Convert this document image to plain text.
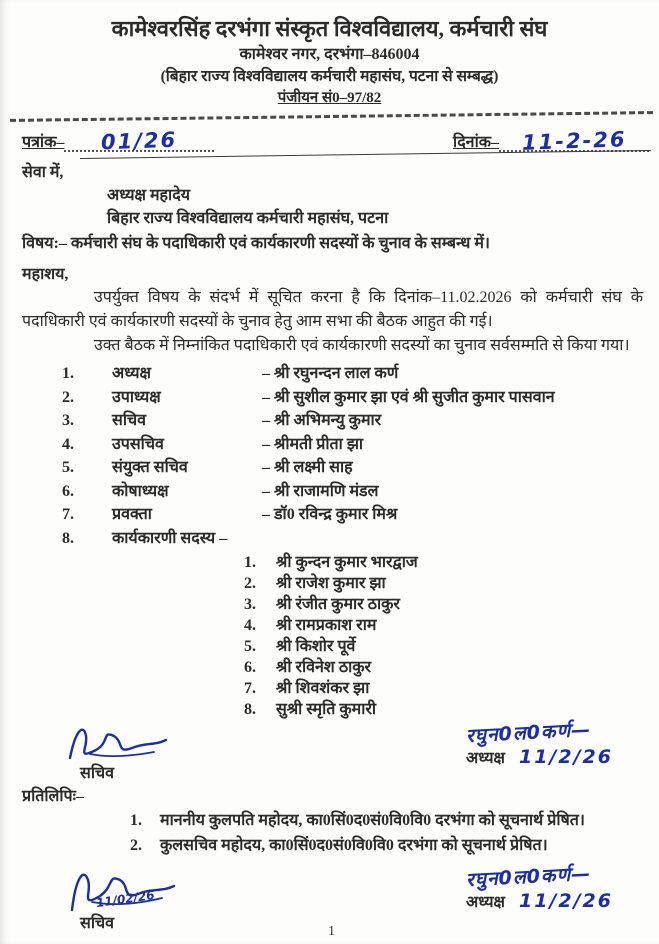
कामेश्वरसिंह दरभंगा संस्कृत विश्वविद्यालय, कर्मचारी संघ
कामेश्वर नगर, दरभंगा–846004
(बिहार राज्य विश्वविद्यालय कर्मचारी महासंघ, पटना से सम्बद्ध)
पंजीयन सं0–97/82
पत्रांक– 01/26	दिनांक– 11-2-26
सेवा में,
अध्यक्ष महादेय
बिहार राज्य विश्वविद्यालय कर्मचारी महासंघ, पटना
विषय:– कर्मचारी संघ के पदाधिकारी एवं कार्यकारणी सदस्यों के चुनाव के सम्बन्ध में।
महाशय,
उपर्युक्त विषय के संदर्भ में सूचित करना है कि दिनांक–11.02.2026 को कर्मचारी संघ के पदाधिकारी एवं कार्यकारणी सदस्यों के चुनाव हेतु आम सभा की बैठक आहुत की गई।
उक्त बैठक में निम्नांकित पदाधिकारी एवं कार्यकारणी सदस्यों का चुनाव सर्वसम्मति से किया गया।
1.	अध्यक्ष	– श्री रघुनन्दन लाल कर्ण
2.	उपाध्यक्ष	– श्री सुशील कुमार झा एवं श्री सुजीत कुमार पासवान
3.	सचिव	– श्री अभिमन्यु कुमार
4.	उपसचिव	– श्रीमती प्रीता झा
5.	संयुक्त सचिव	– श्री लक्ष्मी साह
6.	कोषाध्यक्ष	– श्री राजामणि मंडल
7.	प्रवक्ता	– डॉ0 रविन्द्र कुमार मिश्र
8.	कार्यकारणी सदस्य –
1.	श्री कुन्दन कुमार भारद्वाज
2.	श्री राजेश कुमार झा
3.	श्री रंजीत कुमार ठाकुर
4.	श्री रामप्रकाश राम
5.	श्री किशोर पूर्वे
6.	श्री रविनेश ठाकुर
7.	श्री शिवशंकर झा
8.	सुश्री स्मृति कुमारी
सचिव
रघुन0ल0कर्ण—
अध्यक्ष 11/2/26
प्रतिलिपिः–
1.	माननीय कुलपति महोदय, का0सिं0द0सं0वि0वि0 दरभंगा को सूचनार्थ प्रेषित।
2.	कुलसचिव महोदय, का0सिं0द0सं0वि0वि0 दरभंगा को सूचनार्थ प्रेषित।
11/02/26
सचिव
रघुन0ल0कर्ण—
अध्यक्ष 11/2/26
1
